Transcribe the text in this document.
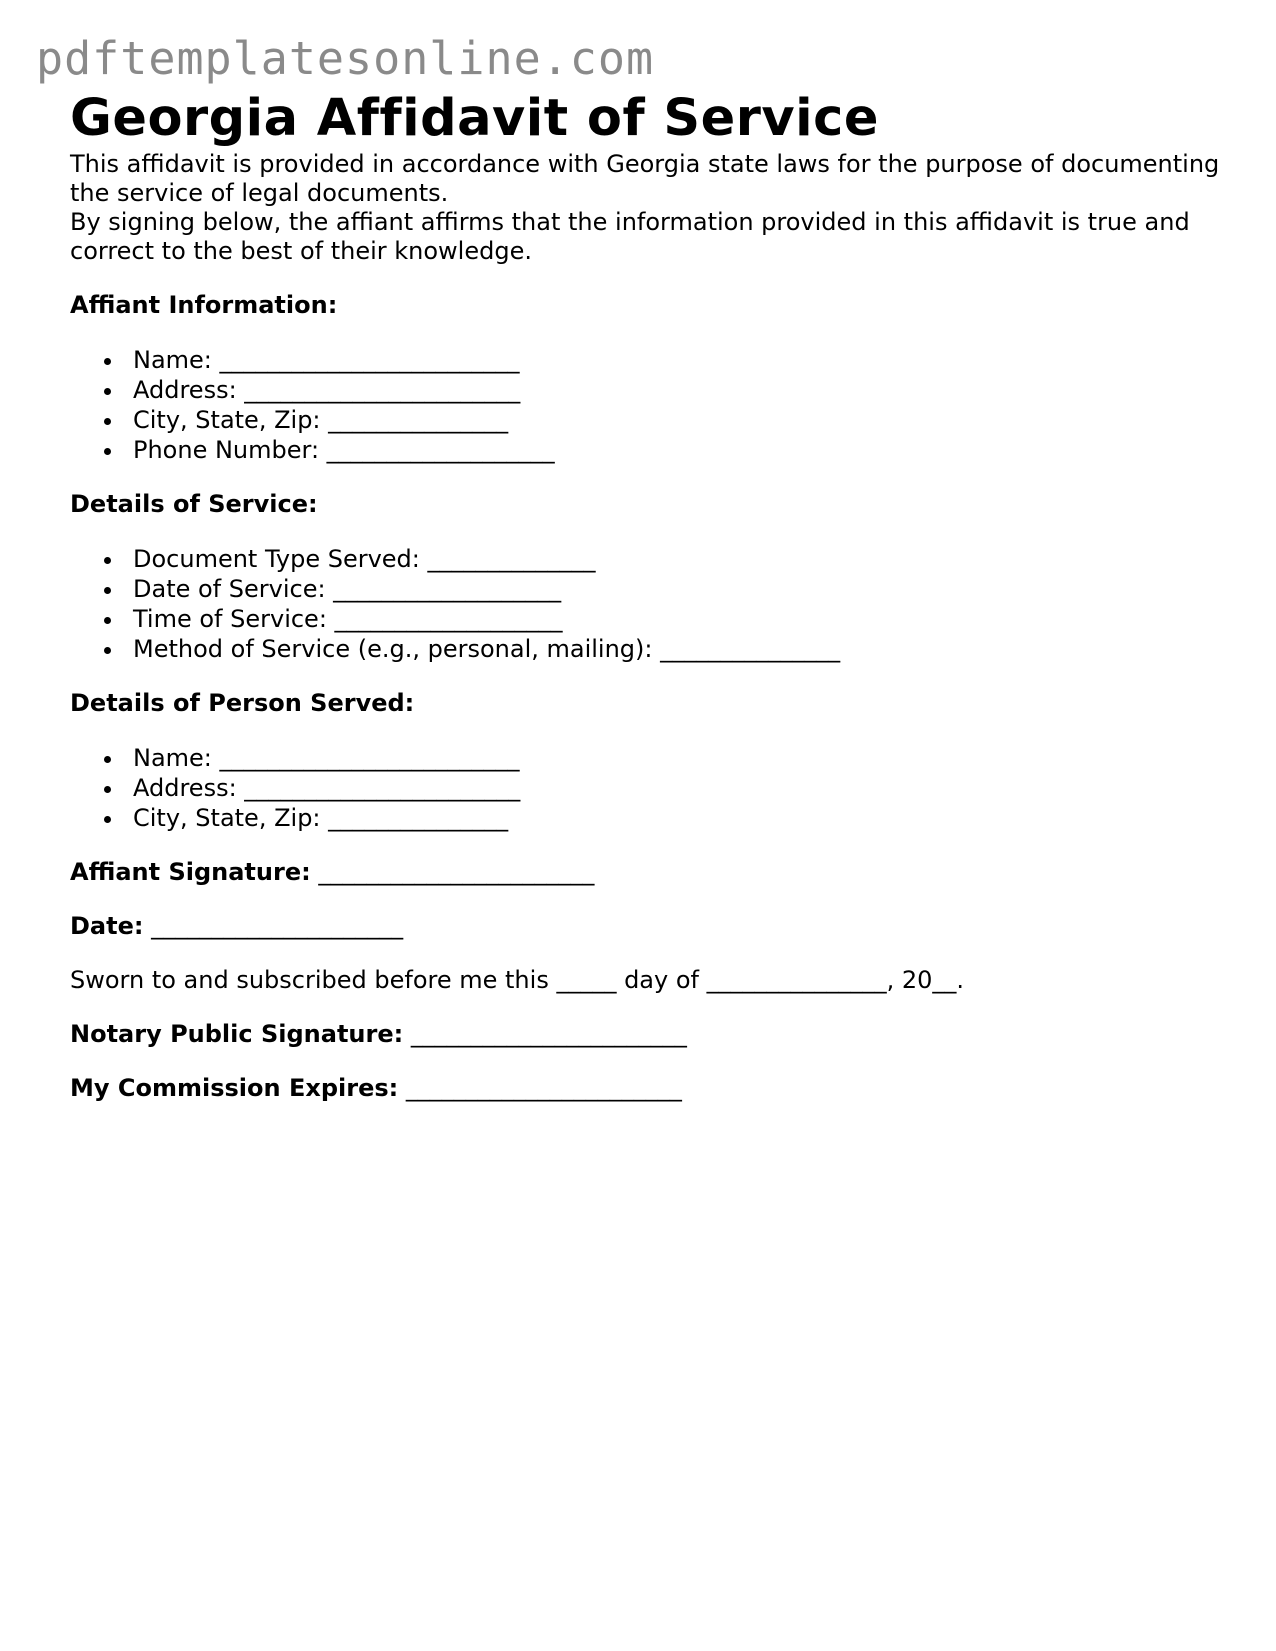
pdftemplatesonline.com
Georgia Affidavit of Service

This affidavit is provided in accordance with Georgia state laws for the purpose of documenting the service of legal documents.

By signing below, the affiant affirms that the information provided in this affidavit is true and correct to the best of their knowledge.

Affiant Information:
Name: _________________________
Address: _______________________
City, State, Zip: _______________
Phone Number: ___________________
Details of Service:
Document Type Served: ______________
Date of Service: ___________________
Time of Service: ___________________
Method of Service (e.g., personal, mailing): _______________
Details of Person Served:
Name: _________________________
Address: _______________________
City, State, Zip: _______________
Affiant Signature: _______________________
Date: _____________________
Sworn to and subscribed before me this _____ day of _______________, 20__.
Notary Public Signature: _______________________
My Commission Expires: _______________________
